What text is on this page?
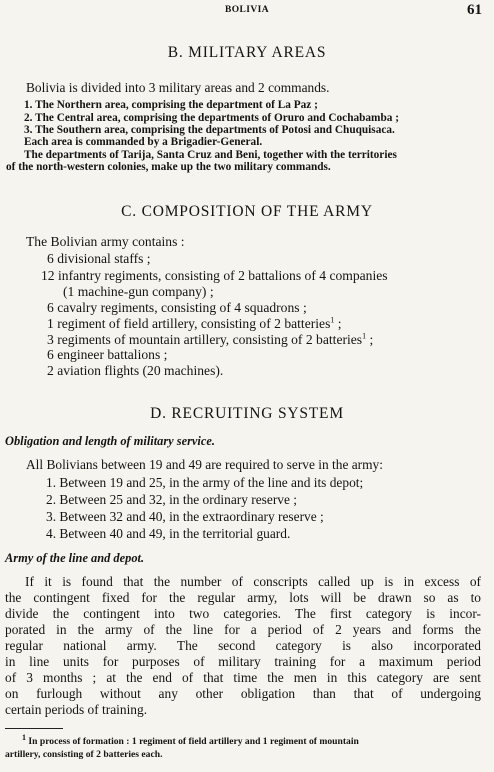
BOLIVIA	61
B. MILITARY AREAS
Bolivia is divided into 3 military areas and 2 commands.
1. The Northern area, comprising the department of La Paz ;
2. The Central area, comprising the departments of Oruro and Cochabamba ;
3. The Southern area, comprising the departments of Potosi and Chuquisaca.
Each area is commanded by a Brigadier-General.
The departments of Tarija, Santa Cruz and Beni, together with the territories
of the north-western colonies, make up the two military commands.
C. COMPOSITION OF THE ARMY
The Bolivian army contains :
6 divisional staffs ;
12 infantry regiments, consisting of 2 battalions of 4 companies
(1 machine-gun company) ;
6 cavalry regiments, consisting of 4 squadrons ;
1 regiment of field artillery, consisting of 2 batteries$^1$ ;
3 regiments of mountain artillery, consisting of 2 batteries$^1$ ;
6 engineer battalions ;
2 aviation flights (20 machines).
D. RECRUITING SYSTEM
Obligation and length of military service.
All Bolivians between 19 and 49 are required to serve in the army:
1. Between 19 and 25, in the army of the line and its depot;
2. Between 25 and 32, in the ordinary reserve ;
3. Between 32 and 40, in the extraordinary reserve ;
4. Between 40 and 49, in the territorial guard.
Army of the line and depot.
If it is found that the number of conscripts called up is in excess of
the contingent fixed for the regular army, lots will be drawn so as to
divide the contingent into two categories. The first category is incor-
porated in the army of the line for a period of 2 years and forms the
regular national army. The second category is also incorporated
in line units for purposes of military training for a maximum period
of 3 months ; at the end of that time the men in this category are sent
on furlough without any other obligation than that of undergoing
certain periods of training.
$^1$ In process of formation : 1 regiment of field artillery and 1 regiment of mountain
artillery, consisting of 2 batteries each.
